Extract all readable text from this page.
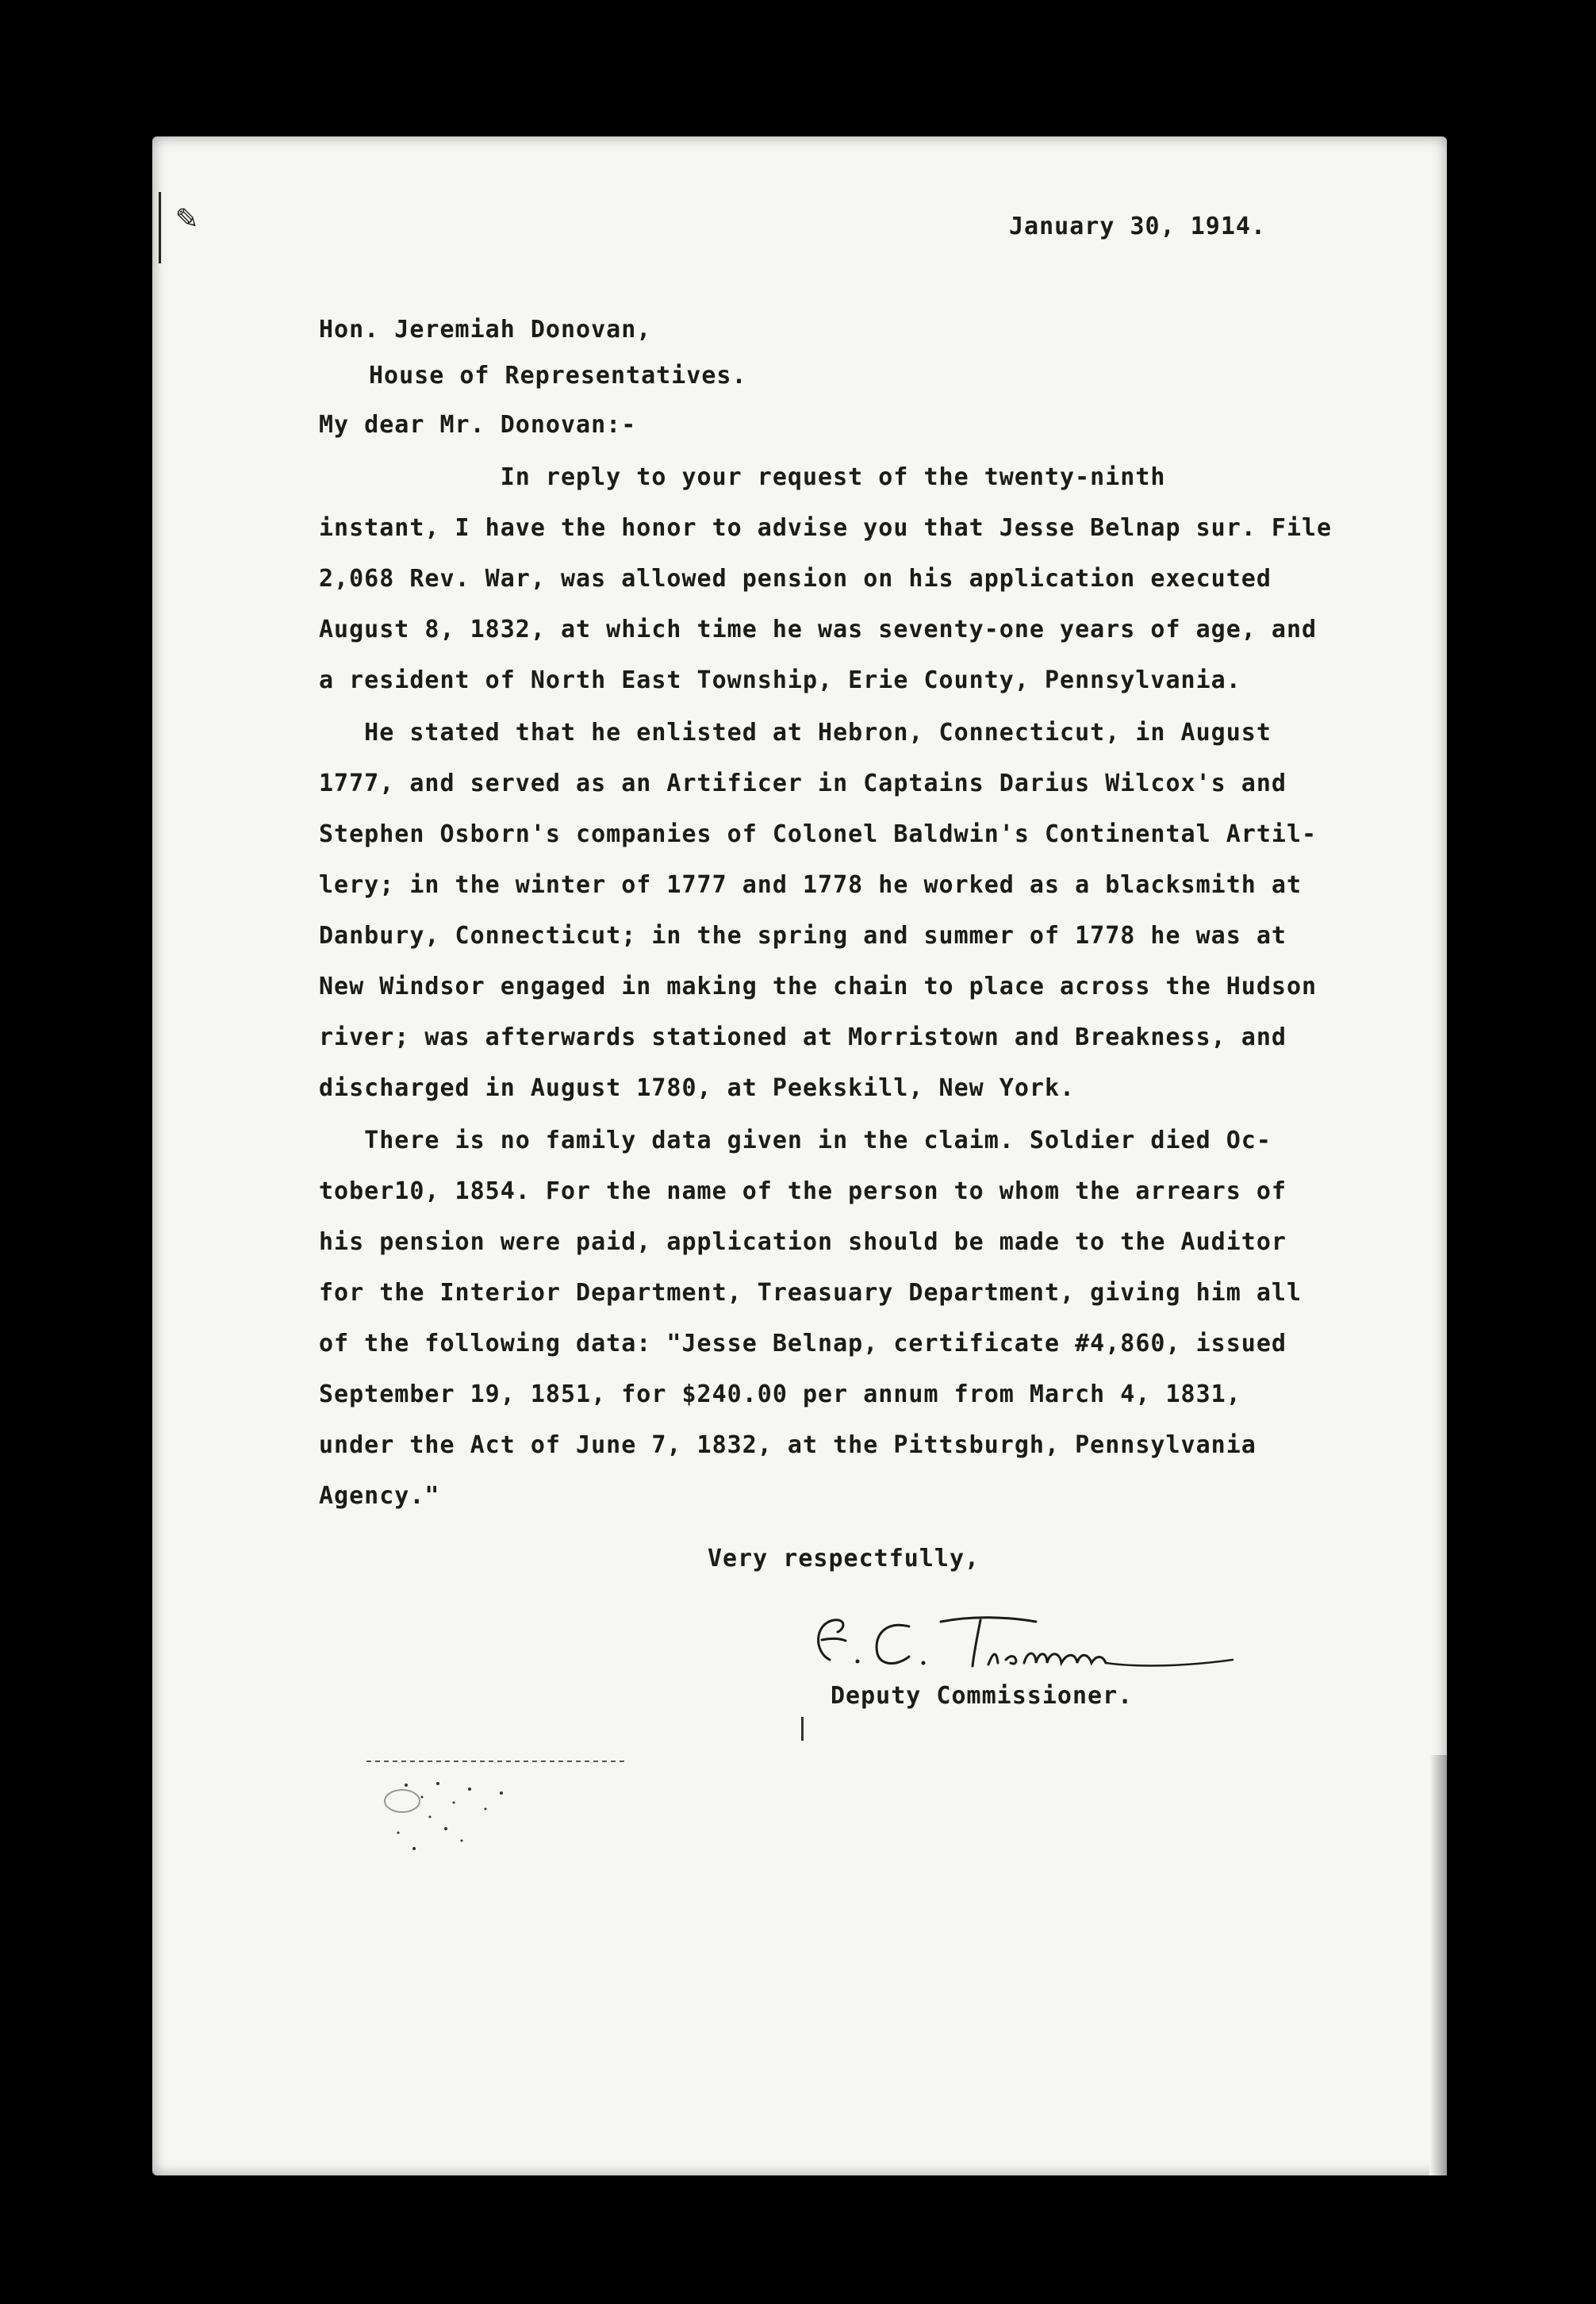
✎	January 30, 1914.
Hon. Jeremiah Donovan,
House of Representatives.
My dear Mr. Donovan:-
In reply to your request of the twenty-ninth
instant, I have the honor to advise you that Jesse Belnap sur. File
2,068 Rev. War, was allowed pension on his application executed
August 8, 1832, at which time he was seventy-one years of age, and
a resident of North East Township, Erie County, Pennsylvania.
He stated that he enlisted at Hebron, Connecticut, in August
1777, and served as an Artificer in Captains Darius Wilcox's and
Stephen Osborn's companies of Colonel Baldwin's Continental Artil-
lery; in the winter of 1777 and 1778 he worked as a blacksmith at
Danbury, Connecticut; in the spring and summer of 1778 he was at
New Windsor engaged in making the chain to place across the Hudson
river; was afterwards stationed at Morristown and Breakness, and
discharged in August 1780, at Peekskill, New York.
There is no family data given in the claim. Soldier died Oc-
tober10, 1854. For the name of the person to whom the arrears of
his pension were paid, application should be made to the Auditor
for the Interior Department, Treasuary Department, giving him all
of the following data: "Jesse Belnap, certificate #4,860, issued
September 19, 1851, for $240.00 per annum from March 4, 1831,
under the Act of June 7, 1832, at the Pittsburgh, Pennsylvania
Agency."
Very respectfully,
Deputy Commissioner.
